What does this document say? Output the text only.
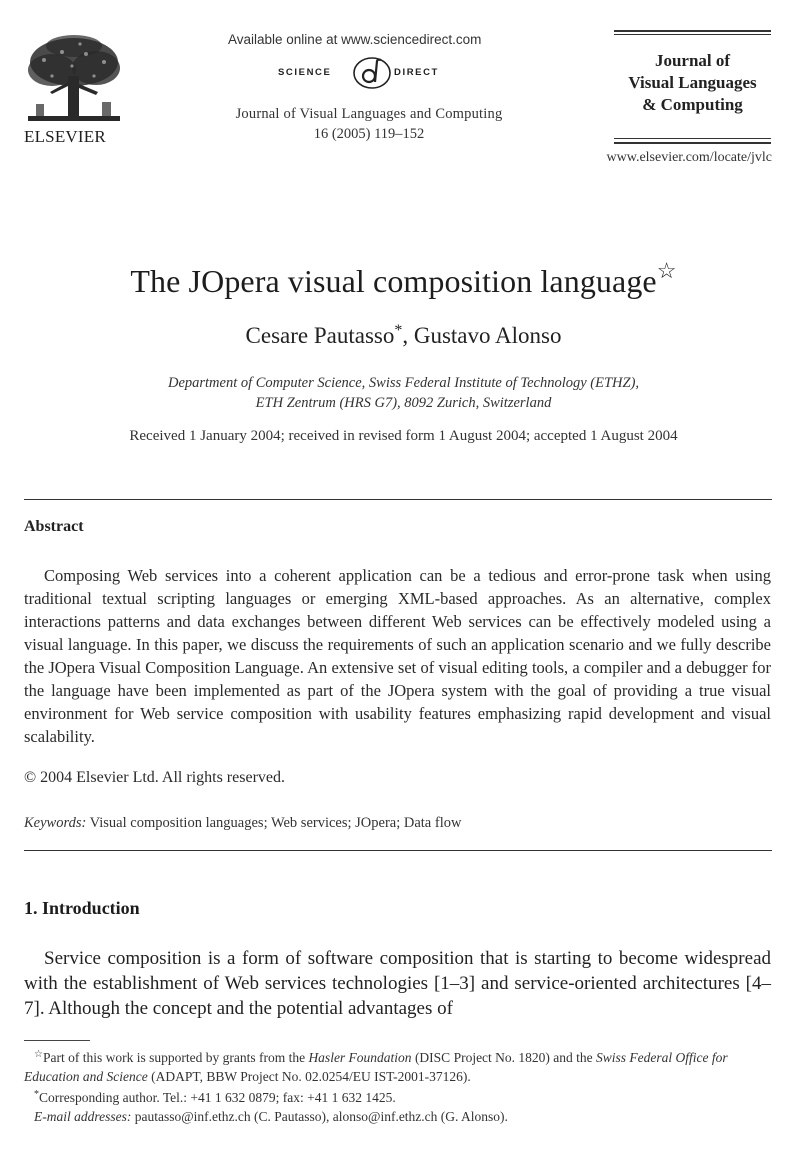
ELSEVIER
Available online at www.sciencedirect.com
SCIENCE	DIRECT
Journal of Visual Languages and Computing
16 (2005) 119–152
Journal of
Visual Languages
& Computing
www.elsevier.com/locate/jvlc
The JOpera visual composition language☆
Cesare Pautasso*, Gustavo Alonso
Department of Computer Science, Swiss Federal Institute of Technology (ETHZ),
ETH Zentrum (HRS G7), 8092 Zurich, Switzerland
Received 1 January 2004; received in revised form 1 August 2004; accepted 1 August 2004
Abstract
Composing Web services into a coherent application can be a tedious and error-prone task when using traditional textual scripting languages or emerging XML-based approaches. As an alternative, complex interactions patterns and data exchanges between different Web services can be effectively modeled using a visual language. In this paper, we discuss the requirements of such an application scenario and we fully describe the JOpera Visual Composition Language. An extensive set of visual editing tools, a compiler and a debugger for the language have been implemented as part of the JOpera system with the goal of providing a true visual environment for Web service composition with usability features emphasizing rapid development and visual scalability.
© 2004 Elsevier Ltd. All rights reserved.
Keywords: Visual composition languages; Web services; JOpera; Data flow
1. Introduction
Service composition is a form of software composition that is starting to become widespread with the establishment of Web services technologies [1–3] and service-oriented architectures [4–7]. Although the concept and the potential advantages of
☆Part of this work is supported by grants from the Hasler Foundation (DISC Project No. 1820) and the Swiss Federal Office for Education and Science (ADAPT, BBW Project No. 02.0254/EU IST-2001-37126).
*Corresponding author. Tel.: +41 1 632 0879; fax: +41 1 632 1425.
E-mail addresses: pautasso@inf.ethz.ch (C. Pautasso), alonso@inf.ethz.ch (G. Alonso).
